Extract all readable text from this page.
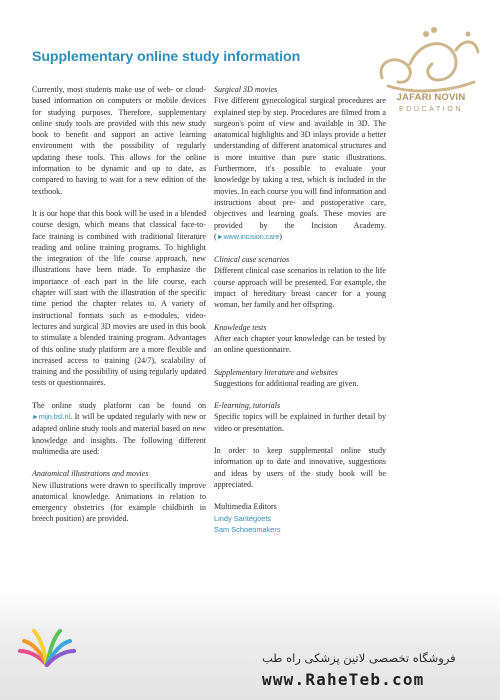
Supplementary online study information

Currently, most students make use of web- or cloud-based information on computers or mobile devices for studying purposes. Therefore, supplementary online study tools are provided with this new study book to benefit and support an active learning environment with the possibility of regularly updating these tools. This allows for the online information to be dynamic and up to date, as compared to having to wait for a new edition of the textbook.

It is our hope that this book will be used in a blended course design, which means that classical face-to-face training is combined with traditional literature reading and online training programs. To highlight the integration of the life course approach, new illustrations have been made. To emphasize the importance of each part in the life course, each chapter will start with the illustration of the specific time period the chapter relates to. A variety of instructional formats such as e-modules, video-lectures and surgical 3D movies are used in this book to stimulate a blended training program. Advantages of this online study platform are a more flexible and increased access to training (24/7), scalability of training and the possibility of using regularly updated tests or questionnaires.

The online study platform can be found on ►mijn.bsl.nl. It will be updated regularly with new or adapted online study tools and material based on new knowledge and insights. The following different multimedia are used:

Anatomical illustrations and movies
New illustrations were drawn to specifically improve anatomical knowledge. Animations in relation to emergency obstetrics (for example childbirth in breech position) are provided.

Surgical 3D movies
Five different gynecological surgical procedures are explained step by step. Procedures are filmed from a surgeon's point of view and available in 3D. The anatomical highlights and 3D inlays provide a better understanding of different anatomical structures and is more intuitive than pure static illustrations. Furthermore, it's possible to evaluate your knowledge by taking a test, which is included in the movies. In each course you will find information and instructions about pre- and postoperative care, objectives and learning goals. These movies are provided by the Incision Academy. (►www.incision.care)

Clinical case scenarios
Different clinical case scenarios in relation to the life course approach will be presented. For example, the impact of hereditary breast cancer for a young woman, her family and her offspring.

Knowledge tests
After each chapter your knowledge can be tested by an online questionnaire.

Supplementary literature and websites
Suggestions for additional reading are given.

E-learning, tutorials
Specific topics will be explained in further detail by video or presentation.

In order to keep supplemental online study information up to date and innovative, suggestions and ideas by users of the study book will be appreciated.

Multimedia Editors
Lindy Santegoets
Sam Schoenmakers

JAFARI NOVIN
EDUCATION
فروشگاه تخصصی لاتین پزشکی راه طب
www.RaheTeb.com
